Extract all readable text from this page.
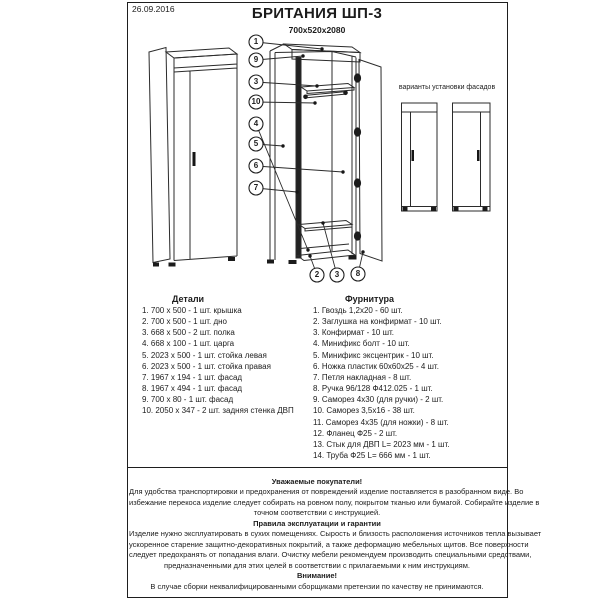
1
9
3
10
4
5
6
7
2	3	8
26.09.2016	БРИТАНИЯ ШП-3
700х520х2080
варианты установки фасадов
Детали
1. 700 х 500 - 1 шт. крышка
2. 700 х 500 - 1 шт. дно
3. 668 х 500 - 2 шт. полка
4. 668 х 100 - 1 шт. царга
5. 2023 х 500 - 1 шт. стойка левая
6. 2023 х 500 - 1 шт. стойка правая
7. 1967 х 194 - 1 шт. фасад
8. 1967 х 494 - 1 шт. фасад
9. 700 х 80 - 1 шт. фасад
10. 2050 х 347 - 2 шт. задняя стенка ДВП
Фурнитура
1. Гвоздь 1,2х20 - 60 шт.
2. Заглушка на конфирмат - 10 шт.
3. Конфирмат - 10 шт.
4. Минификс болт - 10 шт.
5. Минификс эксцентрик - 10 шт.
6. Ножка пластик 60х60х25 - 4 шт.
7. Петля накладная - 8 шт.
8. Ручка 96/128 Ф412.025 - 1 шт.
9. Саморез 4х30 (для ручки) - 2 шт.
10. Саморез 3,5х16 - 38 шт.
11. Саморез 4х35 (для ножки) - 8 шт.
12. Фланец Ф25 - 2 шт.
13. Стык для ДВП L= 2023 мм - 1 шт.
14. Труба Ф25 L= 666 мм - 1 шт.
Уважаемые покупатели!
Для удобства транспортировки и предохранения от повреждений изделие поставляется в разобранном виде. Во
избежание перекоса изделие следует собирать на ровном полу, покрытом тканью или бумагой. Собирайте изделие в
точном соответствии с инструкцией.
Правила эксплуатации и гарантии
Изделие нужно эксплуатировать в сухих помещениях. Сырость и близость расположения источников тепла вызывает
ускоренное старение защитно-декоративных покрытий, а также деформацию мебельных щитов. Все поверхности
следует предохранять от попадания влаги. Очистку мебели рекомендуем производить специальными средствами,
предназначенными для этих целей в соответствии с прилагаемыми к ним инструкциям.
Внимание!
В случае сборки неквалифицированными сборщиками претензии по качеству не принимаются.
